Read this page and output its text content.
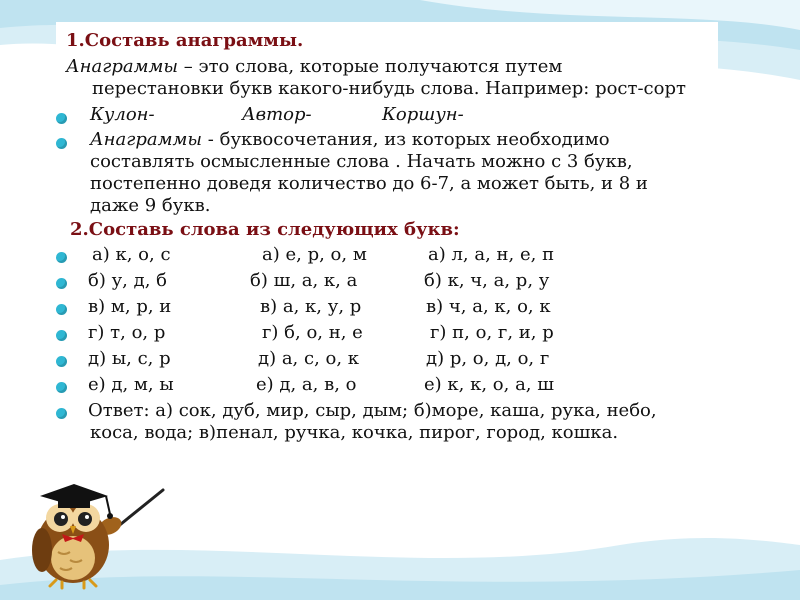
1.Составь анаграммы.
Анаграммы – это слова, которые получаются путем
перестановки букв какого-нибудь слова. Например: рост-сорт
Кулон-	Автор-	Коршун-
Анаграммы - буквосочетания, из которых необходимо
составлять осмысленные слова . Начать можно с 3 букв,
постепенно доведя количество до 6-7, а может быть, и 8 и
даже 9 букв.
2.Составь слова из следующих букв:
а) к, о, с	а) е, р, о, м	а) л, а, н, е, п
б) у, д, б	б) ш, а, к, а	б) к, ч, а, р, у
в) м, р, и	в) а, к, у, р	в) ч, а, к, о, к
г) т, о, р	г) б, о, н, е	г) п, о, г, и, р
д) ы, с, р	д) а, с, о, к	д) р, о, д, о, г
е) д, м, ы	е) д, а, в, о	е) к, к, о, а, ш
Ответ: а) сок, дуб, мир, сыр, дым; б)море, каша, рука, небо,
коса, вода; в)пенал, ручка, кочка, пирог, город, кошка.
